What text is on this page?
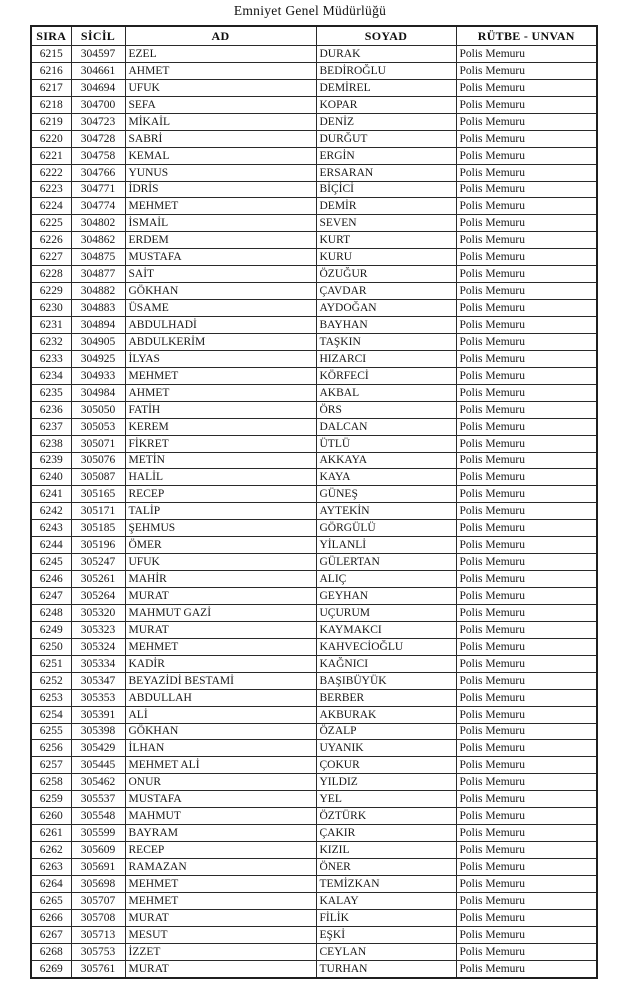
Emniyet Genel Müdürlüğü
SIRA	SİCİL	AD	SOYAD	RÜTBE - UNVAN
6215	304597	EZEL	DURAK	Polis Memuru
6216	304661	AHMET	BEDİROĞLU	Polis Memuru
6217	304694	UFUK	DEMİREL	Polis Memuru
6218	304700	SEFA	KOPAR	Polis Memuru
6219	304723	MİKAİL	DENİZ	Polis Memuru
6220	304728	SABRİ	DURĞUT	Polis Memuru
6221	304758	KEMAL	ERGİN	Polis Memuru
6222	304766	YUNUS	ERSARAN	Polis Memuru
6223	304771	İDRİS	BİÇİCİ	Polis Memuru
6224	304774	MEHMET	DEMİR	Polis Memuru
6225	304802	İSMAİL	SEVEN	Polis Memuru
6226	304862	ERDEM	KURT	Polis Memuru
6227	304875	MUSTAFA	KURU	Polis Memuru
6228	304877	SAİT	ÖZUĞUR	Polis Memuru
6229	304882	GÖKHAN	ÇAVDAR	Polis Memuru
6230	304883	ÜSAME	AYDOĞAN	Polis Memuru
6231	304894	ABDULHADİ	BAYHAN	Polis Memuru
6232	304905	ABDULKERİM	TAŞKIN	Polis Memuru
6233	304925	İLYAS	HIZARCI	Polis Memuru
6234	304933	MEHMET	KÖRFECİ	Polis Memuru
6235	304984	AHMET	AKBAL	Polis Memuru
6236	305050	FATİH	ÖRS	Polis Memuru
6237	305053	KEREM	DALCAN	Polis Memuru
6238	305071	FİKRET	ÜTLÜ	Polis Memuru
6239	305076	METİN	AKKAYA	Polis Memuru
6240	305087	HALİL	KAYA	Polis Memuru
6241	305165	RECEP	GÜNEŞ	Polis Memuru
6242	305171	TALİP	AYTEKİN	Polis Memuru
6243	305185	ŞEHMUS	GÖRGÜLÜ	Polis Memuru
6244	305196	ÖMER	YİLANLİ	Polis Memuru
6245	305247	UFUK	GÜLERTAN	Polis Memuru
6246	305261	MAHİR	ALIÇ	Polis Memuru
6247	305264	MURAT	GEYHAN	Polis Memuru
6248	305320	MAHMUT GAZİ	UÇURUM	Polis Memuru
6249	305323	MURAT	KAYMAKCI	Polis Memuru
6250	305324	MEHMET	KAHVECİOĞLU	Polis Memuru
6251	305334	KADİR	KAĞNICI	Polis Memuru
6252	305347	BEYAZİDİ BESTAMİ	BAŞIBÜYÜK	Polis Memuru
6253	305353	ABDULLAH	BERBER	Polis Memuru
6254	305391	ALİ	AKBURAK	Polis Memuru
6255	305398	GÖKHAN	ÖZALP	Polis Memuru
6256	305429	İLHAN	UYANIK	Polis Memuru
6257	305445	MEHMET ALİ	ÇOKUR	Polis Memuru
6258	305462	ONUR	YILDIZ	Polis Memuru
6259	305537	MUSTAFA	YEL	Polis Memuru
6260	305548	MAHMUT	ÖZTÜRK	Polis Memuru
6261	305599	BAYRAM	ÇAKIR	Polis Memuru
6262	305609	RECEP	KIZIL	Polis Memuru
6263	305691	RAMAZAN	ÖNER	Polis Memuru
6264	305698	MEHMET	TEMİZKAN	Polis Memuru
6265	305707	MEHMET	KALAY	Polis Memuru
6266	305708	MURAT	FİLİK	Polis Memuru
6267	305713	MESUT	EŞKİ	Polis Memuru
6268	305753	İZZET	CEYLAN	Polis Memuru
6269	305761	MURAT	TURHAN	Polis Memuru
